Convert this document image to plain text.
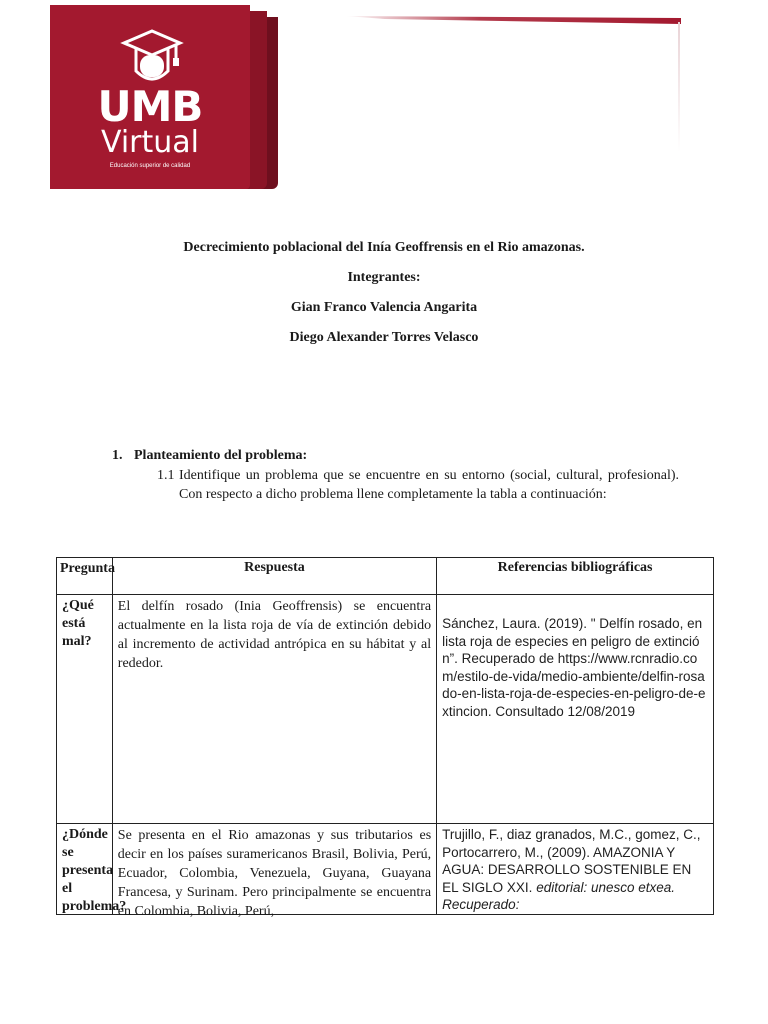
UMB
Virtual
Educación superior de calidad
Decrecimiento poblacional del Inía Geoffrensis en el Rio amazonas.
Integrantes:
Gian Franco Valencia Angarita
Diego Alexander Torres Velasco
1. Planteamiento del problema:
1.1 Identifique un problema que se encuentre en su entorno (social, cultural, profesional). Con respecto a dicho problema llene completamente la tabla a continuación:
Pregunta	Respuesta	Referencias bibliográficas
¿Qué está mal?	El delfín rosado (Inia Geoffrensis) se encuentra actualmente en la lista roja de vía de extinción debido al incremento de actividad antrópica en su hábitat y al rededor.	Sánchez, Laura. (2019). " Delfín rosado, en lista roja de especies en peligro de extinción”. Recuperado de https://www.rcnradio.com/estilo-de-vida/medio-ambiente/delfin-rosado-en-lista-roja-de-especies-en-peligro-de-extincion. Consultado 12/08/2019

¿Dónde se presenta el problema?	Se presenta en el Rio amazonas y sus tributarios es decir en los países suramericanos Brasil, Bolivia, Perú, Ecuador, Colombia, Venezuela, Guyana, Guayana Francesa, y Surinam. Pero principalmente se encuentra en Colombia, Bolivia, Perú,	Trujillo, F., diaz granados, M.C., gomez, C., Portocarrero, M., (2009). AMAZONIA Y AGUA: DESARROLLO SOSTENIBLE EN EL SIGLO XXI. editorial: unesco etxea. Recuperado:
